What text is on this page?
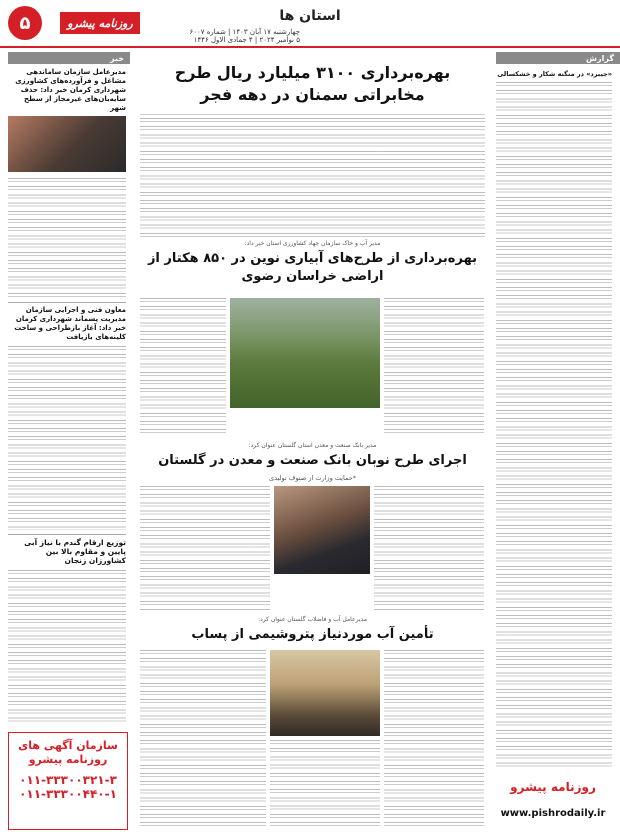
۵	روزنامه پیشرو	استان ها
چهارشنبه ۱۷ آبان ۱۴۰۳ | شماره ۶۰۰۷
۵ نوامبر ۲۰۲۴ | ۴ جمادی الاول ۱۴۴۶
خبر
مدیرعامل سازمان ساماندهی مشاغل و فرآورده‌های کشاورزی شهرداری کرمان خبر داد: حذف سایه‌بان‌های غیرمجاز از سطح شهر
معاون فنی و اجرایی سازمان مدیریت پسماند شهرداری کرمان خبر داد: آغاز بازطراحی و ساخت کلینه‌های بازیافت
توزیع ارقام گندم با نیاز آبی پایین و مقاوم بالا بین کشاورزان زنجان
سازمان آگهی های روزنامه پیشرو
۰۱۱-۳۳۳۰۰۳۲۱-۳
۰۱۱-۳۳۳۰۰۴۴۰-۱
گزارش
«جیبرد» در منگنه شکار و خشکسالی
روزنامه پیشرو
www.pishrodaily.ir
بهره‌برداری ۳۱۰۰ میلیارد ریال طرح مخابراتی سمنان در دهه فجر
مدیر آب و خاک سازمان جهاد کشاورزی استان خبر داد:
بهره‌برداری از طرح‌های آبیاری نوین در ۸۵۰ هکتار از اراضی خراسان رضوی
مدیر بانک صنعت و معدن استان گلستان عنوان کرد:
اجرای طرح نوبان بانک صنعت و معدن در گلستان
*حمایت وزارت از صنوف تولیدی
مدیرعامل آب و فاضلاب گلستان عنوان کرد:
تأمین آب موردنیاز پتروشیمی از پساب
